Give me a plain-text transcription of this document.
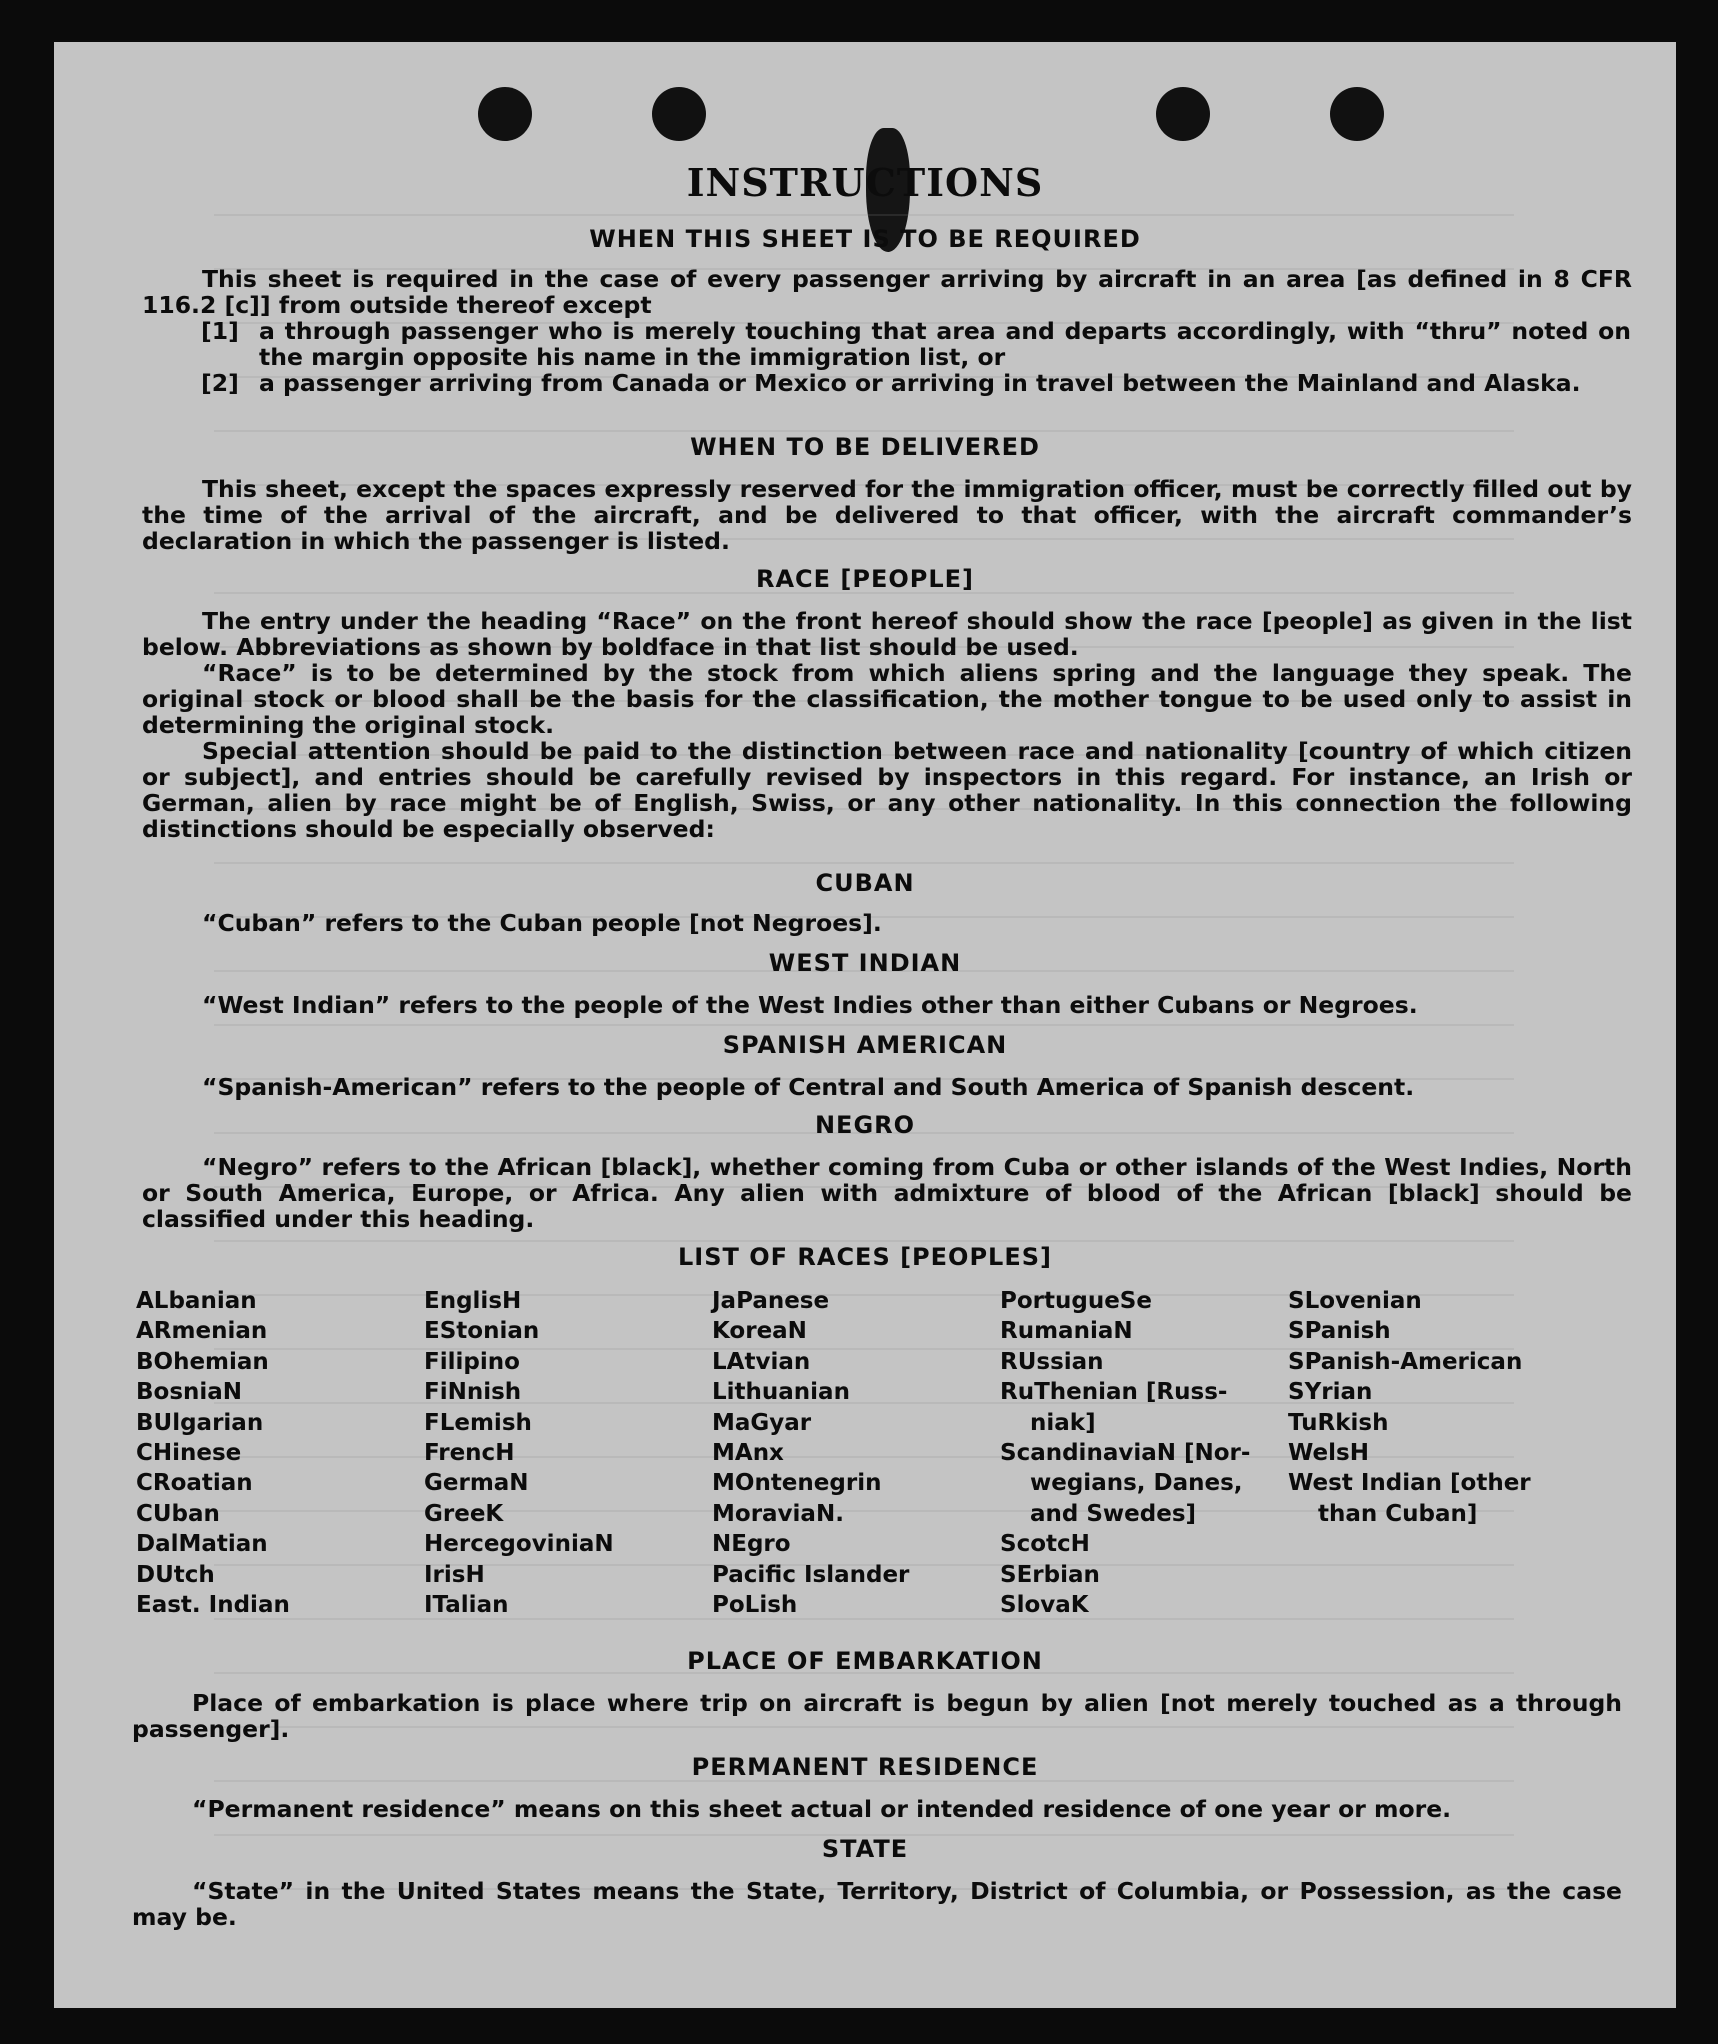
INSTRUCTIONS
WHEN THIS SHEET IS TO BE REQUIRED

This sheet is required in the case of every passenger arriving by aircraft in an area [as defined in 8 CFR 116.2 [c]] from outside thereof except

[1] a through passenger who is merely touching that area and departs accordingly, with “thru” noted on the margin opposite his name in the immigration list, or
[2] a passenger arriving from Canada or Mexico or arriving in travel between the Mainland and Alaska.
WHEN TO BE DELIVERED

This sheet, except the spaces expressly reserved for the immigration officer, must be correctly filled out by the time of the arrival of the aircraft, and be delivered to that officer, with the aircraft commander’s declaration in which the passenger is listed.

RACE [PEOPLE]

The entry under the heading “Race” on the front hereof should show the race [people] as given in the list below. Abbreviations as shown by boldface in that list should be used.

“Race” is to be determined by the stock from which aliens spring and the language they speak. The original stock or blood shall be the basis for the classification, the mother tongue to be used only to assist in determining the original stock.

Special attention should be paid to the distinction between race and nationality [country of which citizen or subject], and entries should be carefully revised by inspectors in this regard. For instance, an Irish or German, alien by race might be of English, Swiss, or any other nationality. In this connection the following distinctions should be especially observed:

CUBAN

“Cuban” refers to the Cuban people [not Negroes].

WEST INDIAN

“West Indian” refers to the people of the West Indies other than either Cubans or Negroes.

SPANISH AMERICAN

“Spanish-American” refers to the people of Central and South America of Spanish descent.

NEGRO

“Negro” refers to the African [black], whether coming from Cuba or other islands of the West Indies, North or South America, Europe, or Africa. Any alien with admixture of blood of the African [black] should be classified under this heading.

LIST OF RACES [PEOPLES]
ALbanian
ARmenian
BOhemian
BosniaN
BUlgarian
CHinese
CRoatian
CUban
DalMatian
DUtch
East. Indian
EnglisH
EStonian
Filipino
FiNnish
FLemish
FrencH
GermaN
GreeK
HercegoviniaN
IrisH
ITalian
JaPanese
KoreaN
LAtvian
Lithuanian
MaGyar
MAnx
MOntenegrin
MoraviaN.
NEgro
Pacific Islander
PoLish
PortugueSe
RumaniaN
RUssian
RuThenian [Russ-
niak]
ScandinaviaN [Nor-
wegians, Danes,
and Swedes]
ScotcH
SErbian
SlovaK
SLovenian
SPanish
SPanish-American
SYrian
TuRkish
WelsH
West Indian [other
than Cuban]
PLACE OF EMBARKATION

Place of embarkation is place where trip on aircraft is begun by alien [not merely touched as a through passenger].

PERMANENT RESIDENCE

“Permanent residence” means on this sheet actual or intended residence of one year or more.

STATE

“State” in the United States means the State, Territory, District of Columbia, or Possession, as the case may be.
